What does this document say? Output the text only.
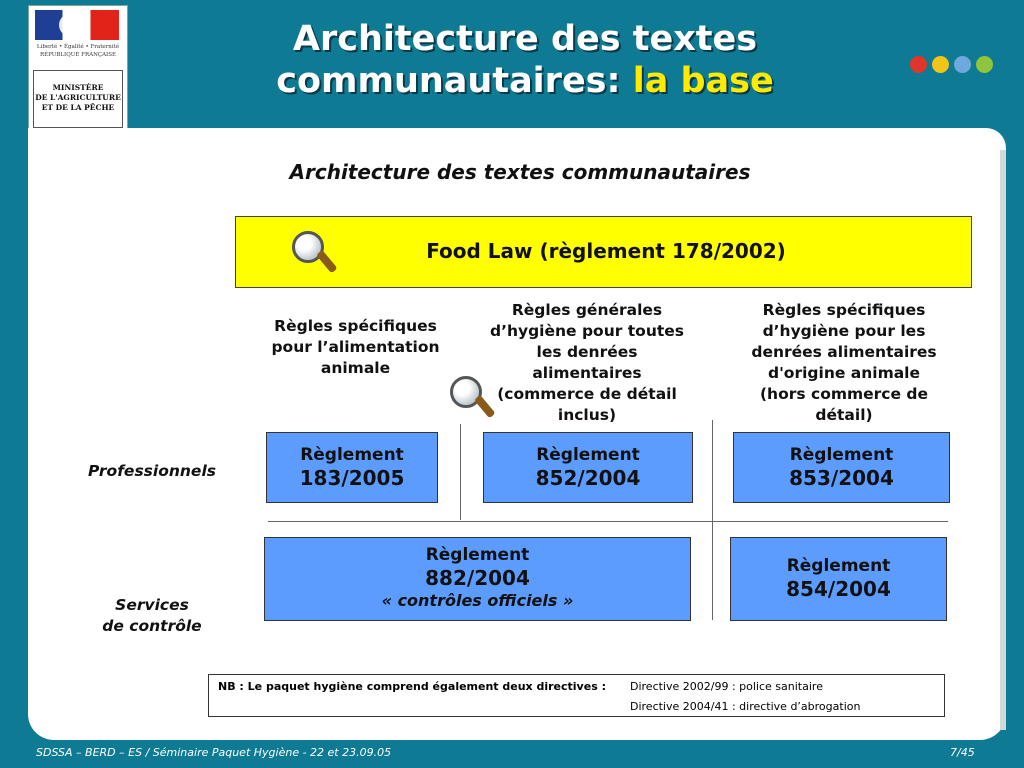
Liberté • Égalité • Fraternité
RÉPUBLIQUE FRANÇAISE
MINISTÈRE
DE L'AGRICULTURE
ET DE LA PÊCHE
Architecture des textes
communautaires: la base
Architecture des textes communautaires
Food Law (règlement 178/2002)
Règles spécifiques
pour l’alimentation
animale
Règles générales
d’hygiène pour toutes
les denrées
alimentaires
(commerce de détail
inclus)
Règles spécifiques
d’hygiène pour les
denrées alimentaires
d'origine animale
(hors commerce de
détail)
Professionnels
Services
de contrôle
Règlement
183/2005
Règlement
852/2004
Règlement
853/2004
Règlement
882/2004
« contrôles officiels »
Règlement
854/2004
NB : Le paquet hygiène comprend également deux directives : Directive 2002/99 : police sanitaire
Directive 2004/41 : directive d’abrogation
SDSSA – BERD – ES / Séminaire Paquet Hygiène - 22 et 23.09.05	7/45
